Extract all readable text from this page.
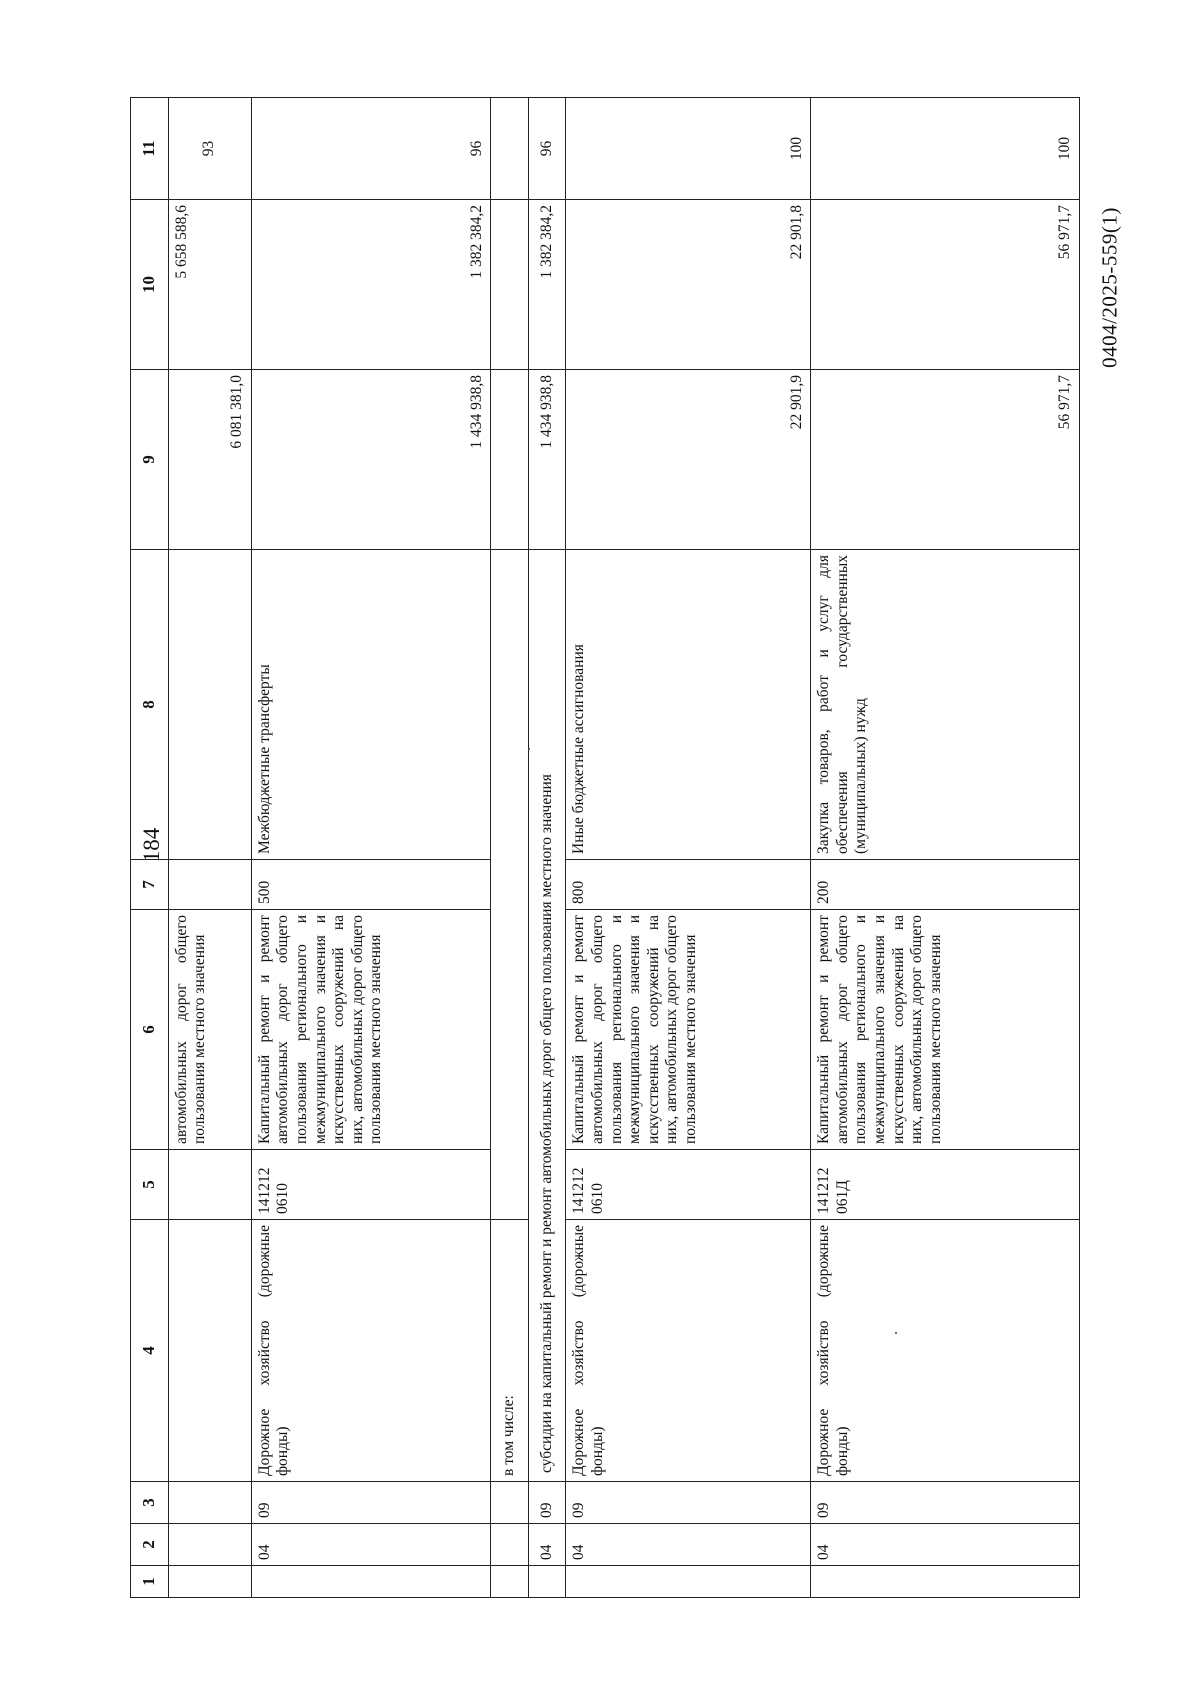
184
0404/2025-559(1)
1	2	3	4	5	6	7	8	9	10	11
					автомобильных дорог общего пользования местного значения			6 081 381,0	5 658 588,6	93
	04	09	Дорожное хозяйство (дорожные фонды)	141212 0610	Капитальный ремонт и ремонт автомобильных дорог общего пользования регионального и межмуниципального значения и искусственных сооружений на них, автомобильных дорог общего пользования местного значения	500	Межбюджетные трансферты	1 434 938,8	1 382 384,2	96
			в том числе:							
	04	09	субсидии на капитальный ремонт и ремонт автомобильных дорог общего пользования местного значения					1 434 938,8	1 382 384,2	96
	04	09	Дорожное хозяйство (дорожные фонды)	141212 0610	Капитальный ремонт и ремонт автомобильных дорог общего пользования регионального и межмуниципального значения и искусственных сооружений на них, автомобильных дорог общего пользования местного значения	800	Иные бюджетные ассигнования	22 901,9	22 901,8	100
	04	09	Дорожное хозяйство (дорожные фонды)	141212 061Д	Капитальный ремонт и ремонт автомобильных дорог общего пользования регионального и межмуниципального значения и искусственных сооружений на них, автомобильных дорог общего пользования местного значения	200	Закупка товаров, работ и услуг для обеспечения государственных (муниципальных) нужд	56 971,7	56 971,7	100
